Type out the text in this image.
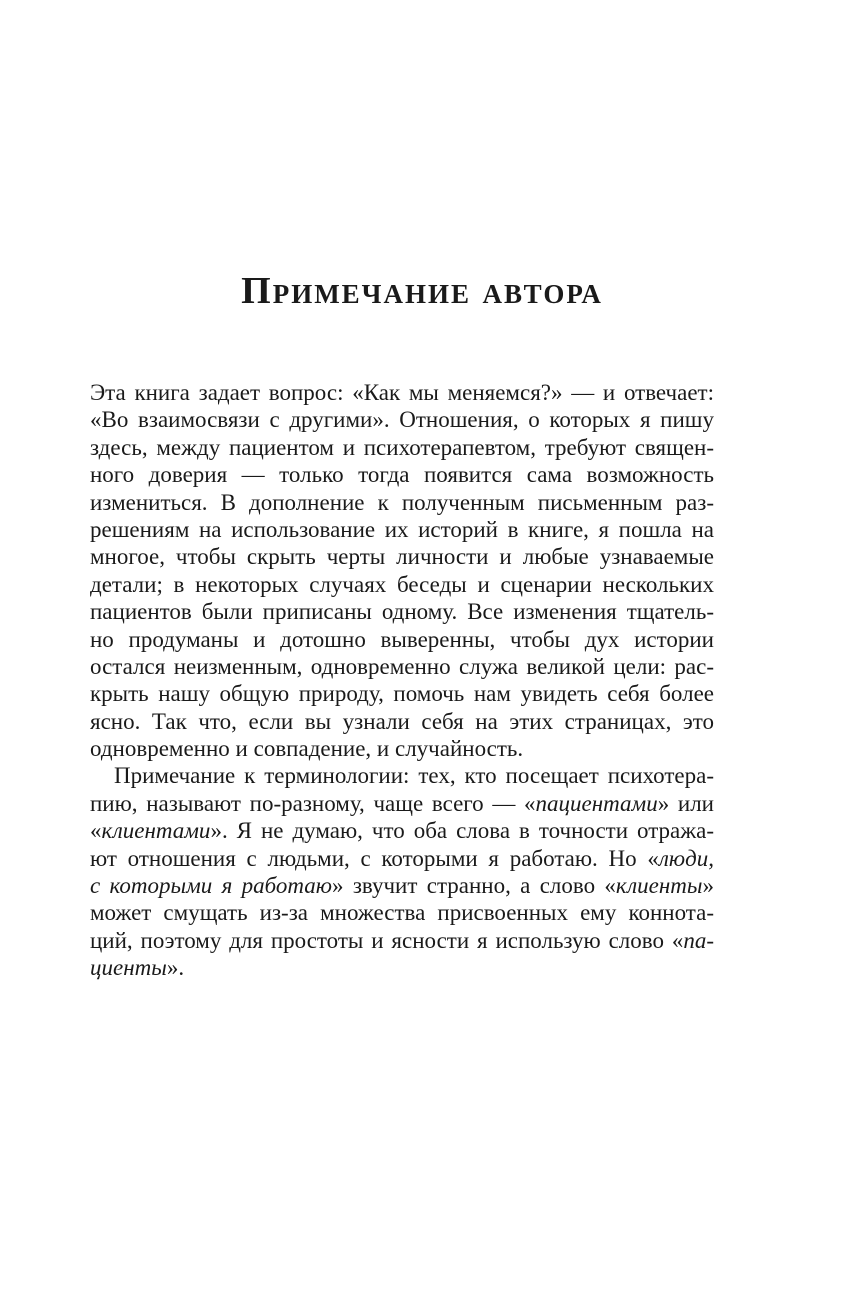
Примечание автора
Эта книга задает вопрос: «Как мы меняемся?» — и отвечает:
«Во взаимосвязи с другими». Отношения, о которых я пишу
здесь, между пациентом и психотерапевтом, требуют священ-
ного доверия — только тогда появится сама возможность
измениться. В дополнение к полученным письменным раз-
решениям на использование их историй в книге, я пошла на
многое, чтобы скрыть черты личности и любые узнаваемые
детали; в некоторых случаях беседы и сценарии нескольких
пациентов были приписаны одному. Все изменения тщатель-
но продуманы и дотошно выверенны, чтобы дух истории
остался неизменным, одновременно служа великой цели: рас-
крыть нашу общую природу, помочь нам увидеть себя более
ясно. Так что, если вы узнали себя на этих страницах, это
одновременно и совпадение, и случайность.
Примечание к терминологии: тех, кто посещает психотера-
пию, называют по-разному, чаще всего — «пациентами» или
«клиентами». Я не думаю, что оба слова в точности отража-
ют отношения с людьми, с которыми я работаю. Но «люди,
с которыми я работаю» звучит странно, а слово «клиенты»
может смущать из-за множества присвоенных ему коннота-
ций, поэтому для простоты и ясности я использую слово «па-
циенты».
